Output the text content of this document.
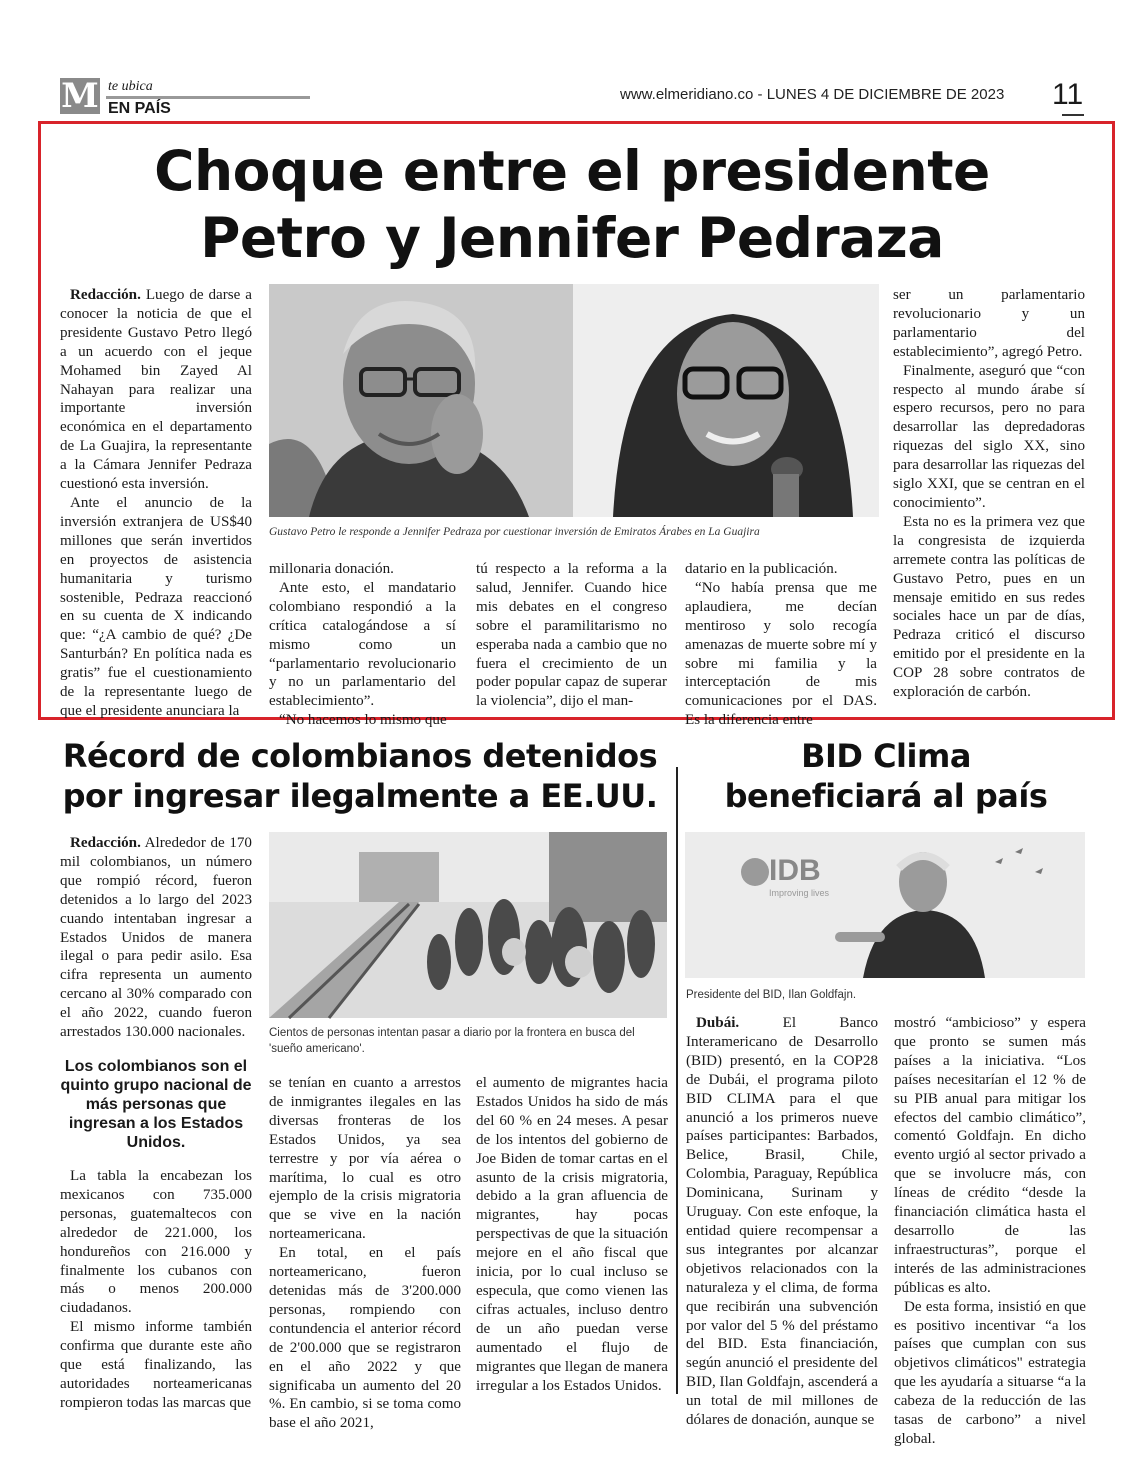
M te ubica
EN PAÍS
www.elmeridiano.co - LUNES 4 DE DICIEMBRE DE 2023 11
Choque entre el presidente
Petro y Jennifer Pedraza

Redacción. Luego de darse a conocer la noticia de que el presidente Gustavo Petro llegó a un acuerdo con el jeque Mohamed bin Zayed Al Nahayan para realizar una importante inversión económica en el departamento de La Guajira, la representante a la Cámara Jennifer Pedraza cuestionó esta inversión.

Ante el anuncio de la inversión extranjera de US$40 millones que serán invertidos en proyectos de asistencia humanitaria y turismo sostenible, Pedraza reaccionó en su cuenta de X indicando que: “¿A cambio de qué? ¿De Santurbán? En política nada es gratis” fue el cuestionamiento de la representante luego de que el presidente anunciara la

Gustavo Petro le responde a Jennifer Pedraza por cuestionar inversión de Emiratos Árabes en La Guajira

millonaria donación.

Ante esto, el mandatario colombiano respondió a la crítica catalogándose a sí mismo como un “parlamentario revolucionario y no un parlamentario del establecimiento”.

“No hacemos lo mismo que

tú respecto a la reforma a la salud, Jennifer. Cuando hice mis debates en el congreso sobre el paramilitarismo no esperaba nada a cambio que no fuera el crecimiento de un poder popular capaz de superar la violencia”, dijo el man-

datario en la publicación.

“No había prensa que me aplaudiera, me decían mentiroso y solo recogía amenazas de muerte sobre mí y sobre mi familia y la interceptación de mis comunicaciones por el DAS. Es la diferencia entre

ser un parlamentario revolucionario y un parlamentario del establecimiento”, agregó Petro.

Finalmente, aseguró que “con respecto al mundo árabe sí espero recursos, pero no para desarrollar las depredadoras riquezas del siglo XX, sino para desarrollar las riquezas del siglo XXI, que se centran en el conocimiento”.

Esta no es la primera vez que la congresista de izquierda arremete contra las políticas de Gustavo Petro, pues en un mensaje emitido en sus redes sociales hace un par de días, Pedraza criticó el discurso emitido por el presidente en la COP 28 sobre contratos de exploración de carbón.

Récord de colombianos detenidos
por ingresar ilegalmente a EE.UU.

Redacción. Alrededor de 170 mil colombianos, un número que rompió récord, fueron detenidos a lo largo del 2023 cuando intentaban ingresar a Estados Unidos de manera ilegal o para pedir asilo. Esa cifra representa un aumento cercano al 30% comparado con el año 2022, cuando fueron arrestados 130.000 nacionales.	Cientos de personas intentan pasar a diario por la frontera en busca del 'sueño americano'.
Los colombianos son el quinto grupo nacional de más personas que ingresan a los Estados Unidos.

La tabla la encabezan los mexicanos con 735.000 personas, guatemaltecos con alrededor de 221.000, los hondureños con 216.000 y finalmente los cubanos con más o menos 200.000 ciudadanos.

El mismo informe también confirma que durante este año que está finalizando, las autoridades norteamericanas rompieron todas las marcas que

se tenían en cuanto a arrestos de inmigrantes ilegales en las diversas fronteras de los Estados Unidos, ya sea terrestre y por vía aérea o marítima, lo cual es otro ejemplo de la crisis migratoria que se vive en la nación norteamericana.

En total, en el país norteamericano, fueron detenidas más de 3'200.000 personas, rompiendo con contundencia el anterior récord de 2'00.000 que se registraron en el año 2022 y que significaba un aumento del 20 %. En cambio, si se toma como base el año 2021,

el aumento de migrantes hacia Estados Unidos ha sido de más del 60 % en 24 meses. A pesar de los intentos del gobierno de Joe Biden de tomar cartas en el asunto de la crisis migratoria, debido a la gran afluencia de migrantes, hay pocas perspectivas de que la situación mejore en el año fiscal que inicia, por lo cual incluso se especula, que como vienen las cifras actuales, incluso dentro de un año puedan verse aumentado el flujo de migrantes que llegan de manera irregular a los Estados Unidos.

BID Clima
beneficiará al país
IDB
Improving lives
Presidente del BID, Ilan Goldfajn.

Dubái.	El Banco Interamericano de Desarrollo (BID) presentó, en la COP28 de Dubái, el programa piloto BID CLIMA para el que anunció a los primeros nueve países participantes: Barbados, Belice, Brasil, Chile, Colombia, Paraguay, República Dominicana, Surinam y Uruguay. Con este enfoque, la entidad quiere recompensar a sus integrantes por alcanzar objetivos relacionados con la naturaleza y el clima, de forma que recibirán una subvención por valor del 5 % del préstamo del BID. Esta financiación, según anunció el presidente del BID, Ilan Goldfajn, ascenderá a un total de mil millones de dólares de donación, aunque se

mostró “ambicioso” y espera que pronto se sumen más países a la iniciativa. “Los países necesitarían el 12 % de su PIB anual para mitigar los efectos del cambio climático”, comentó Goldfajn. En dicho evento urgió al sector privado a que se involucre más, con líneas de crédito “desde la financiación climática hasta el desarrollo de las infraestructuras”, porque el interés de las administraciones públicas es alto.

De esta forma, insistió en que es positivo incentivar “a los países que cumplan con sus objetivos climáticos" estrategia que les ayudaría a situarse “a la cabeza de la reducción de las tasas de carbono” a nivel global.
